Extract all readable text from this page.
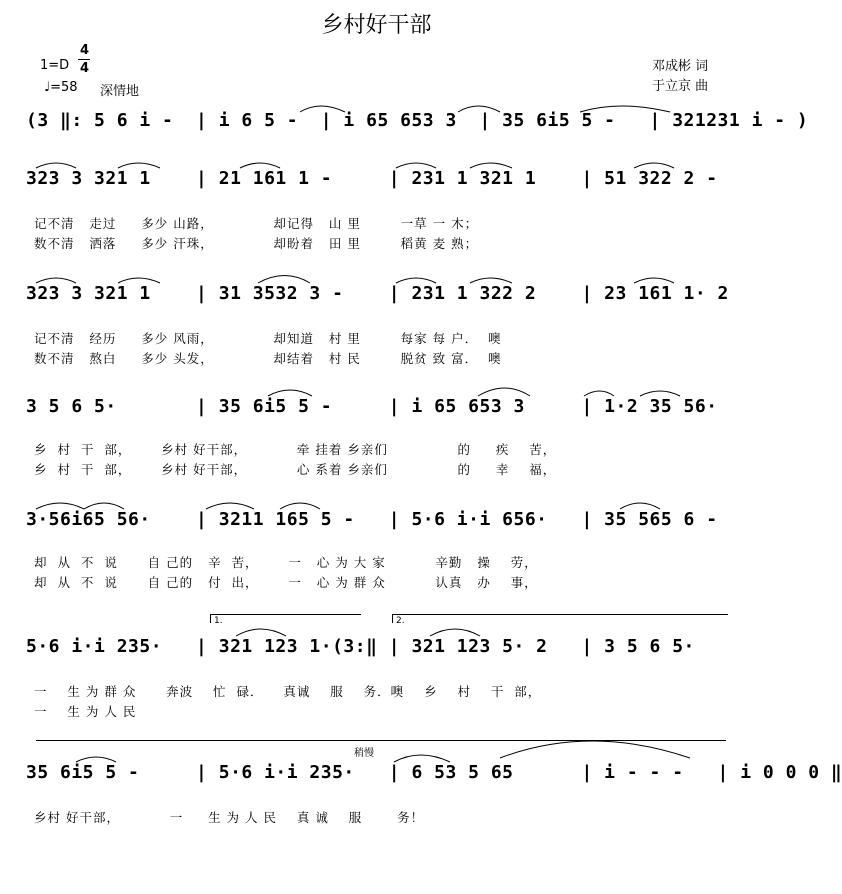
乡村好干部
1=D
4
4
♩=58 深情地
邓成彬 词
于立京 曲
(3 ‖: 5 6 i -  | i 6 5 -  | i 65 653 3  | 35 6i5 5 -   | 321231 i - )
323 3 321 1    | 21 161 1 -     | 231 1 321 1    | 51 322 2 -
记不清   走过     多少 山路，            却记得   山 里        一草 一 木；
数不清   洒落     多少 汗珠，            却盼着   田 里        稻黄 麦 熟；
323 3 321 1    | 31 3532 3 -    | 231 1 322 2    | 23 161 1· 2
记不清   经历     多少 风雨，            却知道   村 里        每家 每 户．  噢
数不清   熬白     多少 头发，            却结着   村 民        脱贫 致 富．  噢
3 5 6 5·       | 35 6i5 5 -     | i 65 653 3     | 1·2 35 56·
乡  村  干  部，      乡村 好干部，          牵 挂着 乡亲们              的     疾    苦，
乡  村  干  部，      乡村 好干部，          心 系着 乡亲们              的     幸    福，
3·56i65 56·    | 3211 165 5 -   | 5·6 i·i 656·   | 35 565 6 -
却  从  不  说      自 己的   辛  苦，      一   心 为 大 家          辛勤   操    劳，
却  从  不  说      自 己的   付  出，      一   心 为 群 众          认真   办    事，
1.	2.
5·6 i·i 235·   | 321 123 1·(3:‖ | 321 123 5· 2   | 3 5 6 5·
一    生 为 群 众      奔波    忙  碌．    真诚    服    务．噢    乡    村    干  部，
一    生 为 人 民
稍慢
35 6i5 5 -     | 5·6 i·i 235·   | 6 53 5 65      | i - - -   | i 0 0 0 ‖
乡村 好干部，          一     生 为 人 民    真 诚    服       务！
